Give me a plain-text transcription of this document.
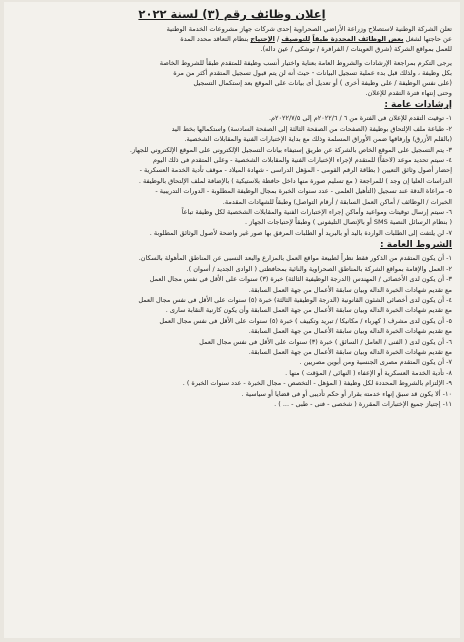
إعلان وظائف رقم (٣) لسنة ٢٠٢٢

تعلن الشركة الوطنية لاستصلاح وزراعة الأراضي الصحراوية إحدى شركات جهاز مشروعات الخدمة الوطنية

عن حاجتها لشغل بعض الوظائف المحددة طبقاً للتوصيف / الإحتياج بنظام التعاقد محدد المدة

للعمل بمواقع الشركة (شرق العوينات / الفرافرة / توشكى / عين داله).

يرجى التكرم بمراجعة الإرشادات والشروط العامة بعناية واختيار أنسب وظيفة للمتقدم طبقاً للشروط الخاصة

بكل وظيفة ، ولذلك قبل بدء عملية تسجيل البيانات - حيث أنه لن يتم قبول تسجيل المتقدم أكثر من مرة

(على نفس الوظيفة / على وظيفة أخرى ) أو تعديل أى بيانات على الموقع بعد إستكمال التسجيل

وحتى إنتهاء فترة التقدم للإعلان.

إرشادات عامة :

١- توقيت التقدم للإعلان فى الفترة من ٦ / ٢٠٢٢/٦م إلى ٢٠٢٢/٧/٥م.

٢- طباعة ملف الإلتحاق بوظيفة (الصفحات من الصفحة الثالثة إلى الصفحة السادسة) واستكمالها بخط اليد

(بالقلم الأزرق) وإرفاقها ضمن الأوراق المسلمة وذلك مع بداية الإختبارات الفنية والمقابلات الشخصية.

٣- يتم التسجيل على الموقع الخاص بالشركة عن طريق إستيفاء بيانات التسجيل الإلكترونى على الموقع الإلكتروني للجهاز.

٤- سيتم تحديد موعد (لاحقاً) للمتقدم لإجراء الإختبارات الفنية والمقابلات الشخصية - وعلى المتقدم فى ذلك اليوم

إحضار أصول وثائق التعيين ( بطاقة الرقم القومى - المؤهل الدراسى - شهادة الميلاد - موقف تأدية الخدمة العسكرية -

الدراسات العليا إن وجد ) للمراجعة ( مع تسليم صورة منها داخل حافظة بلاستيكية ) بالإضافة لملف الإلتحاق بالوظيفة .

٥- مراعاة الدقة عند تسجيل (التأهيل العلمى - عدد سنوات الخبرة بمجال الوظيفة المطلوبة - الدورات التدريبية -

الخبرات / الوظائف / أماكن العمل السابقة / أرقام التواصل) وطبقاً للشهادات المقدمة.

٦- سيتم إرسال توقيتات ومواعيد وأماكن إجراء الإختبارات الفنية والمقابلات الشخصية لكل وظيفة تباعاً

( بنظام الرسائل النصية SMS أو بالإتصال التليفونى ) وطبقاً لإحتياجات الجهاز .

٧- لن يلتفت إلى الطلبات الواردة باليد أو بالبريد أو الطلبات المرفق بها صور غير واضحة لأصول الوثائق المطلوبة .

الشروط العامة :

١- أن يكون المتقدم من الذكور فقط نظراً لطبيعة مواقع العمل بالمزارع والبعد النسبى عن المناطق المأهولة بالسكان.

٢- العمل والإقامة بمواقع الشركة بالمناطق الصحراوية والنائية بمحافظتى ( الوادى الجديد / أسوان ).

٣- أن يكون لدى الأخصائى / المهندس (الدرجة الوظيفية الثالثة) خبرة (٣) سنوات على الأقل فى نفس مجال العمل

مع تقديم شهادات الخبرة الداله وبيان سابقة الأعمال من جهة العمل السابقة.

٤- أن يكون لدى أخصائى الشئون القانونية (الدرجة الوظيفية الثالثة) خبرة (٥) سنوات على الأقل فى نفس مجال العمل

مع تقديم شهادات الخبرة الداله وبيان سابقة الأعمال من جهة العمل السابقة وأن يكون كارنية النقابة سارى .

٥- أن يكون لدى مشرف ( كهرباء / مكانيكا / تبريد وتكييف ) خبرة (٥) سنوات على الأقل فى نفس مجال العمل

مع تقديم شهادات الخبرة الداله وبيان سابقة الأعمال من جهة العمل السابقة.

٦- أن يكون لدى ( الفنى / العامل / السائق ) خبرة (٣) سنوات على الأقل فى نفس مجال العمل

مع تقديم شهادات الخبرة الداله وبيان سابقة الأعمال من جهة العمل السابقة.

٧- أن يكون المتقدم مصرى الجنسية ومن أبوين مصريين .

٨- تأدية الخدمة العسكرية أو الإعفاء ( النهائى / المؤقت ) منها .

٩- الإلتزام بالشروط المحددة لكل وظيفة ( المؤهل - التخصص - مجال الخبرة - عدد سنوات الخبرة ) .

١٠- ألا يكون قد سبق إنهاء خدمته بقرار أو حكم تأديبى أو فى قضايا أو سياسية .

١١- إجتياز جميع الإختبارات المقررة ( شخصى - فنى - طبى - ... ) .
